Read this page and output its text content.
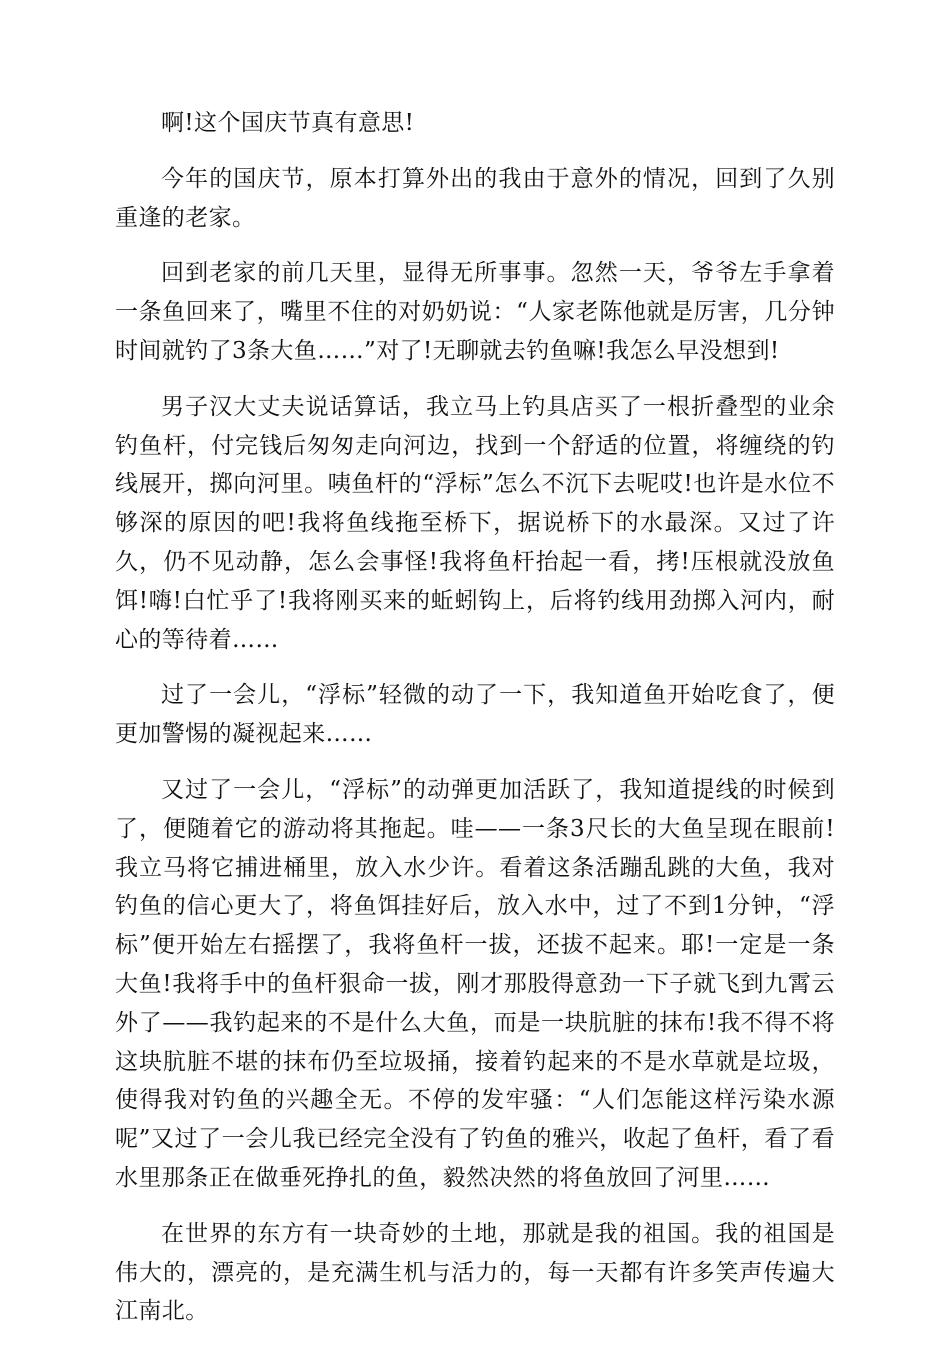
啊!这个国庆节真有意思!

今年的国庆节，原本打算外出的我由于意外的情况，回到了久别重逢的老家。

回到老家的前几天里，显得无所事事。忽然一天，爷爷左手拿着一条鱼回来了，嘴里不住的对奶奶说：“人家老陈他就是厉害，几分钟时间就钓了3条大鱼……”对了!无聊就去钓鱼嘛!我怎么早没想到!

男子汉大丈夫说话算话，我立马上钓具店买了一根折叠型的业余钓鱼杆，付完钱后匆匆走向河边，找到一个舒适的位置，将缠绕的钓线展开，掷向河里。咦鱼杆的“浮标”怎么不沉下去呢哎!也许是水位不够深的原因的吧!我将鱼线拖至桥下，据说桥下的水最深。又过了许久，仍不见动静，怎么会事怪!我将鱼杆抬起一看，拷!压根就没放鱼饵!嗨!白忙乎了!我将刚买来的蚯蚓钩上，后将钓线用劲掷入河内，耐心的等待着……

过了一会儿，“浮标”轻微的动了一下，我知道鱼开始吃食了，便更加警惕的凝视起来……

又过了一会儿，“浮标”的动弹更加活跃了，我知道提线的时候到了，便随着它的游动将其拖起。哇——一条3尺长的大鱼呈现在眼前!我立马将它捕进桶里，放入水少许。看着这条活蹦乱跳的大鱼，我对钓鱼的信心更大了，将鱼饵挂好后，放入水中，过了不到1分钟，“浮标”便开始左右摇摆了，我将鱼杆一拔，还拔不起来。耶!一定是一条大鱼!我将手中的鱼杆狠命一拔，刚才那股得意劲一下子就飞到九霄云外了——我钓起来的不是什么大鱼，而是一块肮脏的抹布!我不得不将这块肮脏不堪的抹布仍至垃圾捅，接着钓起来的不是水草就是垃圾，使得我对钓鱼的兴趣全无。不停的发牢骚：“人们怎能这样污染水源呢”又过了一会儿我已经完全没有了钓鱼的雅兴，收起了鱼杆，看了看水里那条正在做垂死挣扎的鱼，毅然决然的将鱼放回了河里……

在世界的东方有一块奇妙的土地，那就是我的祖国。我的祖国是伟大的，漂亮的，是充满生机与活力的，每一天都有许多笑声传遍大江南北。
